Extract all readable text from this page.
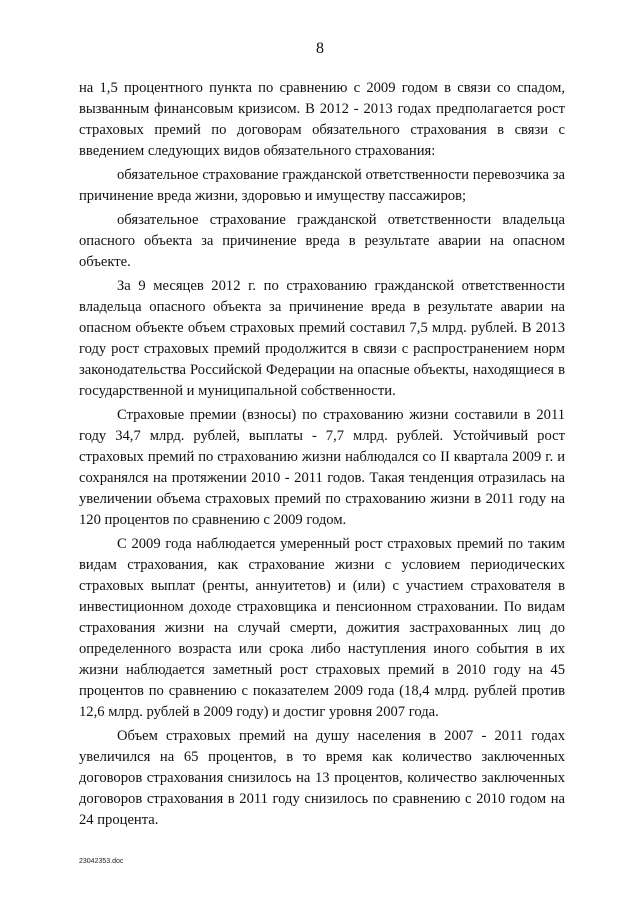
8

на 1,5 процентного пункта по сравнению с 2009 годом в связи со спадом, вызванным финансовым кризисом. В 2012 - 2013 годах предполагается рост страховых премий по договорам обязательного страхования в связи с введением следующих видов обязательного страхования:

обязательное страхование гражданской ответственности перевозчика за причинение вреда жизни, здоровью и имуществу пассажиров;

обязательное страхование гражданской ответственности владельца опасного объекта за причинение вреда в результате аварии на опасном объекте.

За 9 месяцев 2012 г. по страхованию гражданской ответственности владельца опасного объекта за причинение вреда в результате аварии на опасном объекте объем страховых премий составил 7,5 млрд. рублей. В 2013 году рост страховых премий продолжится в связи с распространением норм законодательства Российской Федерации на опасные объекты, находящиеся в государственной и муниципальной собственности.

Страховые премии (взносы) по страхованию жизни составили в 2011 году 34,7 млрд. рублей, выплаты - 7,7 млрд. рублей. Устойчивый рост страховых премий по страхованию жизни наблюдался со II квартала 2009 г. и сохранялся на протяжении 2010 - 2011 годов. Такая тенденция отразилась на увеличении объема страховых премий по страхованию жизни в 2011 году на 120 процентов по сравнению с 2009 годом.

С 2009 года наблюдается умеренный рост страховых премий по таким видам страхования, как страхование жизни с условием периодических страховых выплат (ренты, аннуитетов) и (или) с участием страхователя в инвестиционном доходе страховщика и пенсионном страховании. По видам страхования жизни на случай смерти, дожития застрахованных лиц до определенного возраста или срока либо наступления иного события в их жизни наблюдается заметный рост страховых премий в 2010 году на 45 процентов по сравнению с показателем 2009 года (18,4 млрд. рублей против 12,6 млрд. рублей в 2009 году) и достиг уровня 2007 года.

Объем страховых премий на душу населения в 2007 - 2011 годах увеличился на 65 процентов, в то время как количество заключенных договоров страхования снизилось на 13 процентов, количество заключенных договоров страхования в 2011 году снизилось по сравнению с 2010 годом на 24 процента.

23042353.doc
